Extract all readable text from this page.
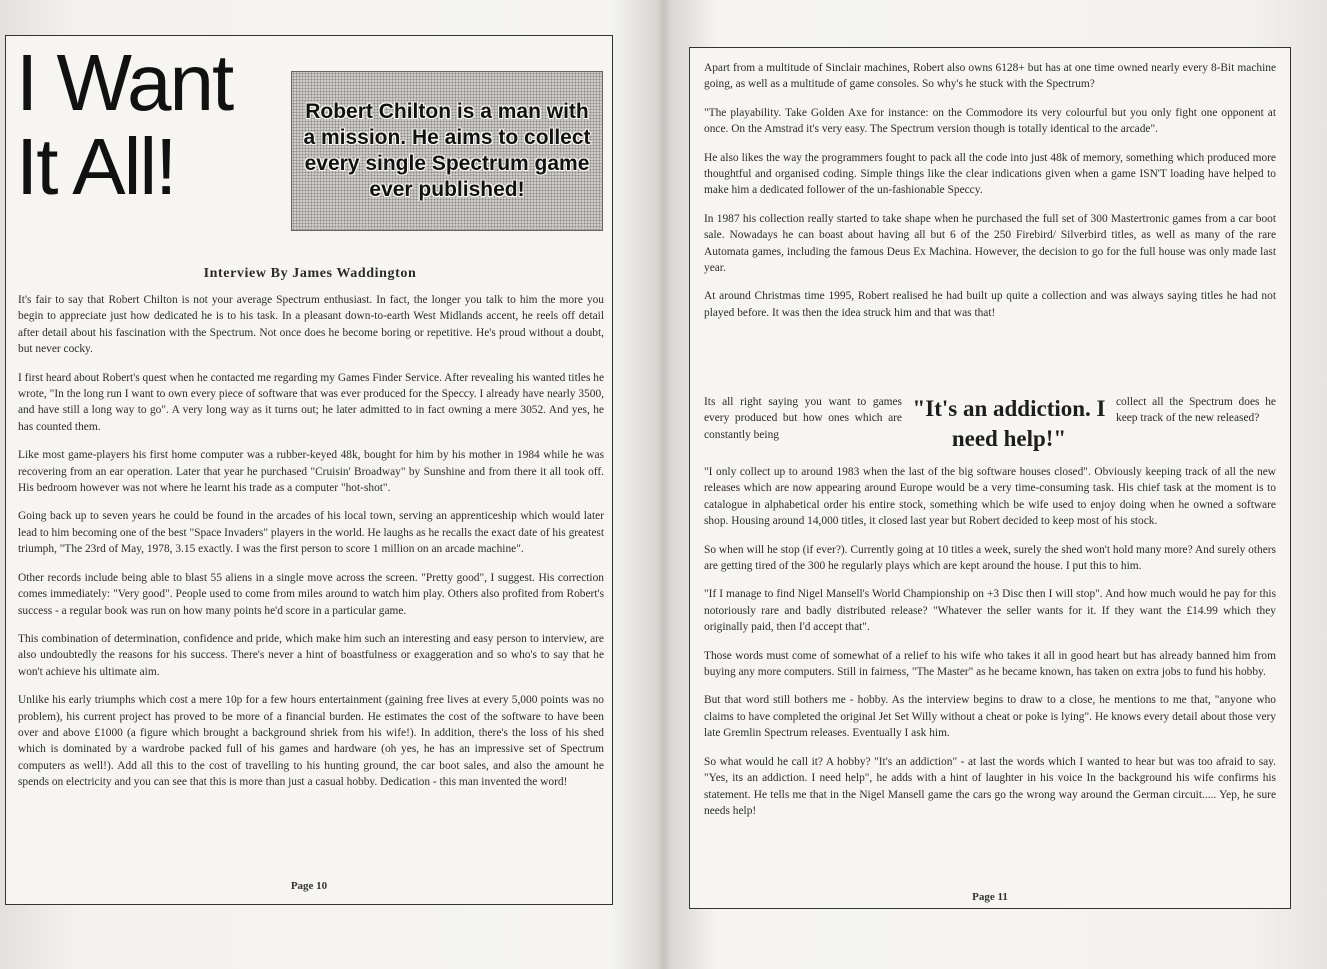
I Want
It All!
Robert Chilton is a man with a mission. He aims to collect every single Spectrum game ever published!
Interview By James Waddington

It's fair to say that Robert Chilton is not your average Spectrum enthusiast. In fact, the longer you talk to him the more you begin to appreciate just how dedicated he is to his task. In a pleasant down-to-earth West Midlands accent, he reels off detail after detail about his fascination with the Spectrum. Not once does he become boring or repetitive. He's proud without a doubt, but never cocky.

I first heard about Robert's quest when he contacted me regarding my Games Finder Service. After revealing his wanted titles he wrote, "In the long run I want to own every piece of software that was ever produced for the Speccy. I already have nearly 3500, and have still a long way to go". A very long way as it turns out; he later admitted to in fact owning a mere 3052. And yes, he has counted them.

Like most game-players his first home computer was a rubber-keyed 48k, bought for him by his mother in 1984 while he was recovering from an ear operation. Later that year he purchased "Cruisin' Broadway" by Sunshine and from there it all took off. His bedroom however was not where he learnt his trade as a computer "hot-shot".

Going back up to seven years he could be found in the arcades of his local town, serving an apprenticeship which would later lead to him becoming one of the best "Space Invaders" players in the world. He laughs as he recalls the exact date of his greatest triumph, "The 23rd of May, 1978, 3.15 exactly. I was the first person to score 1 million on an arcade machine".

Other records include being able to blast 55 aliens in a single move across the screen. "Pretty good", I suggest. His correction comes immediately: "Very good". People used to come from miles around to watch him play. Others also profited from Robert's success - a regular book was run on how many points he'd score in a particular game.

This combination of determination, confidence and pride, which make him such an interesting and easy person to interview, are also undoubtedly the reasons for his success. There's never a hint of boastfulness or exaggeration and so who's to say that he won't achieve his ultimate aim.

Unlike his early triumphs which cost a mere 10p for a few hours entertainment (gaining free lives at every 5,000 points was no problem), his current project has proved to be more of a financial burden. He estimates the cost of the software to have been over and above £1000 (a figure which brought a background shriek from his wife!). In addition, there's the loss of his shed which is dominated by a wardrobe packed full of his games and hardware (oh yes, he has an impressive set of Spectrum computers as well!). Add all this to the cost of travelling to his hunting ground, the car boot sales, and also the amount he spends on electricity and you can see that this is more than just a casual hobby. Dedication - this man invented the word!

Page 10

Apart from a multitude of Sinclair machines, Robert also owns 6128+ but has at one time owned nearly every 8-Bit machine going, as well as a multitude of game consoles. So why's he stuck with the Spectrum?

"The playability. Take Golden Axe for instance: on the Commodore its very colourful but you only fight one opponent at once. On the Amstrad it's very easy. The Spectrum version though is totally identical to the arcade".

He also likes the way the programmers fought to pack all the code into just 48k of memory, something which produced more thoughtful and organised coding. Simple things like the clear indications given when a game ISN'T loading have helped to make him a dedicated follower of the un-fashionable Speccy.

In 1987 his collection really started to take shape when he purchased the full set of 300 Mastertronic games from a car boot sale. Nowadays he can boast about having all but 6 of the 250 Firebird/ Silverbird titles, as well as many of the rare Automata games, including the famous Deus Ex Machina. However, the decision to go for the full house was only made last year.

At around Christmas time 1995, Robert realised he had built up quite a collection and was always saying titles he had not played before. It was then the idea struck him and that was that!

Its all right saying you want to games every produced but how ones which are constantly being
"It's an addiction. I need help!"
collect all the Spectrum does he keep track of the new released?

"I only collect up to around 1983 when the last of the big software houses closed". Obviously keeping track of all the new releases which are now appearing around Europe would be a very time-consuming task. His chief task at the moment is to catalogue in alphabetical order his entire stock, something which be wife used to enjoy doing when he owned a software shop. Housing around 14,000 titles, it closed last year but Robert decided to keep most of his stock.

So when will he stop (if ever?). Currently going at 10 titles a week, surely the shed won't hold many more? And surely others are getting tired of the 300 he regularly plays which are kept around the house. I put this to him.

"If I manage to find Nigel Mansell's World Championship on +3 Disc then I will stop". And how much would he pay for this notoriously rare and badly distributed release? "Whatever the seller wants for it. If they want the £14.99 which they originally paid, then I'd accept that".

Those words must come of somewhat of a relief to his wife who takes it all in good heart but has already banned him from buying any more computers. Still in fairness, "The Master" as he became known, has taken on extra jobs to fund his hobby.

But that word still bothers me - hobby. As the interview begins to draw to a close, he mentions to me that, "anyone who claims to have completed the original Jet Set Willy without a cheat or poke is lying". He knows every detail about those very late Gremlin Spectrum releases. Eventually I ask him.

So what would he call it? A hobby? "It's an addiction" - at last the words which I wanted to hear but was too afraid to say. "Yes, its an addiction. I need help", he adds with a hint of laughter in his voice In the background his wife confirms his statement. He tells me that in the Nigel Mansell game the cars go the wrong way around the German circuit..... Yep, he sure needs help!

Page 11
